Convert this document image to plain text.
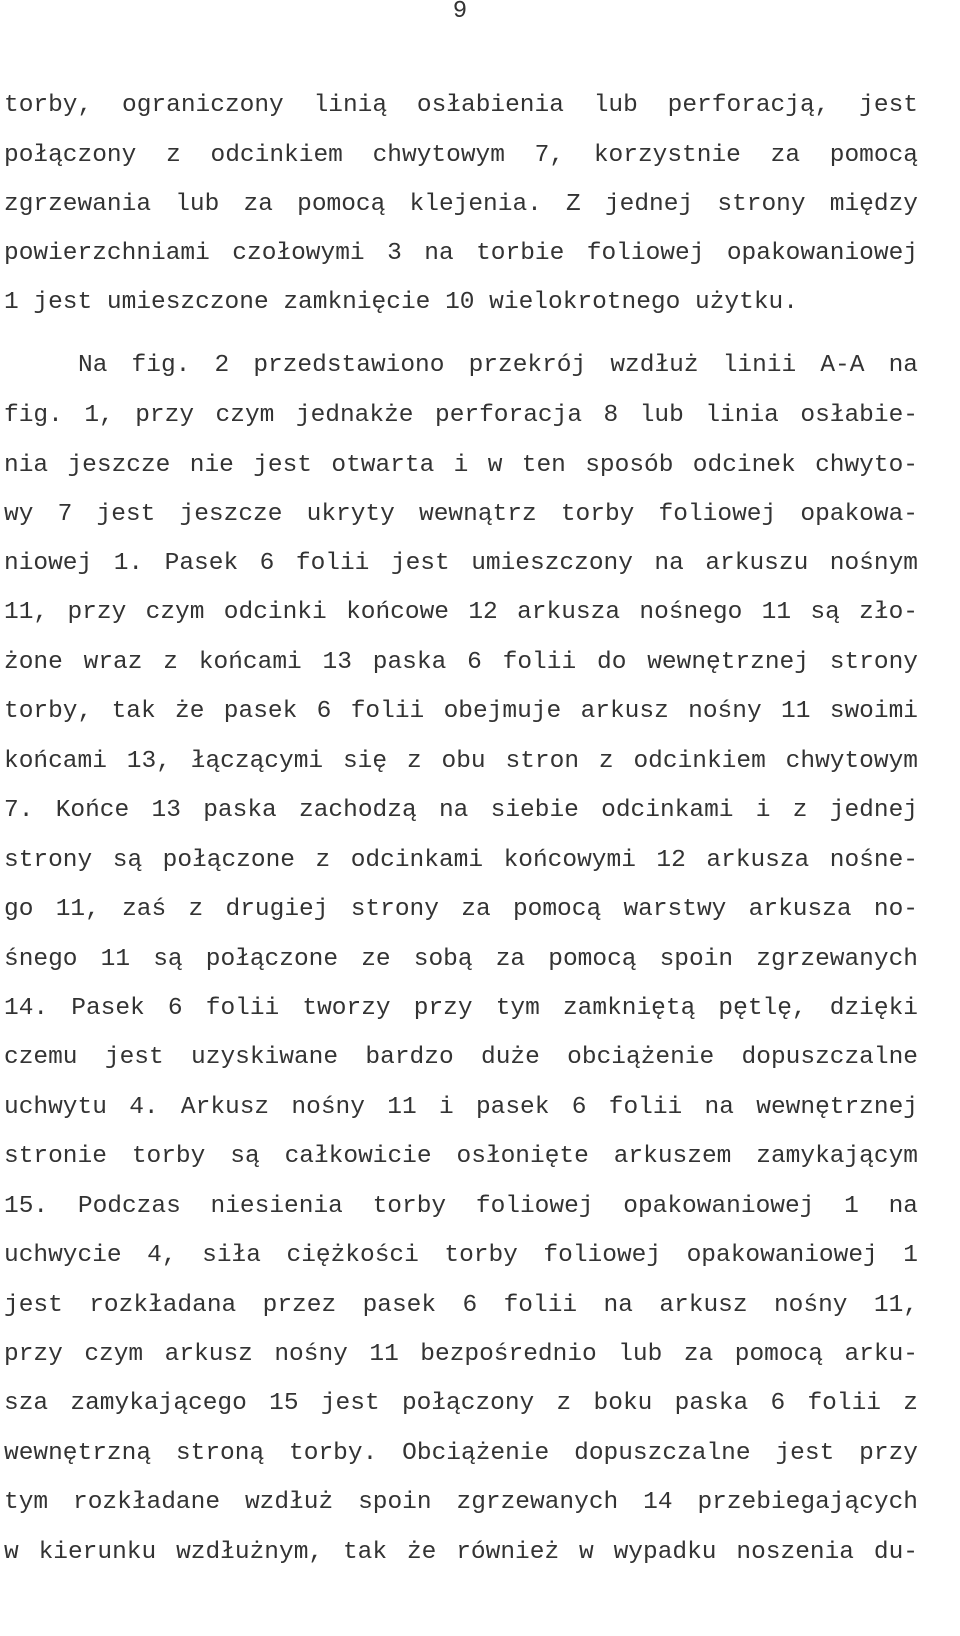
9
torby, ograniczony linią osłabienia lub perforacją, jest
połączony z odcinkiem chwytowym 7, korzystnie za pomocą
zgrzewania lub za pomocą klejenia. Z jednej strony między
powierzchniami czołowymi 3 na torbie foliowej opakowaniowej
1 jest umieszczone zamknięcie 10 wielokrotnego użytku.
Na fig. 2 przedstawiono przekrój wzdłuż linii A-A na
fig. 1, przy czym jednakże perforacja 8 lub linia osłabie-
nia jeszcze nie jest otwarta i w ten sposób odcinek chwyto-
wy 7 jest jeszcze ukryty wewnątrz torby foliowej opakowa-
niowej 1. Pasek 6 folii jest umieszczony na arkuszu nośnym
11, przy czym odcinki końcowe 12 arkusza nośnego 11 są zło-
żone wraz z końcami 13 paska 6 folii do wewnętrznej strony
torby, tak że pasek 6 folii obejmuje arkusz nośny 11 swoimi
końcami 13, łączącymi się z obu stron z odcinkiem chwytowym
7. Końce 13 paska zachodzą na siebie odcinkami i z jednej
strony są połączone z odcinkami końcowymi 12 arkusza nośne-
go 11, zaś z drugiej strony za pomocą warstwy arkusza no-
śnego 11 są połączone ze sobą za pomocą spoin zgrzewanych
14. Pasek 6 folii tworzy przy tym zamkniętą pętlę, dzięki
czemu jest uzyskiwane bardzo duże obciążenie dopuszczalne
uchwytu 4. Arkusz nośny 11 i pasek 6 folii na wewnętrznej
stronie torby są całkowicie osłonięte arkuszem zamykającym
15. Podczas niesienia torby foliowej opakowaniowej 1 na
uchwycie 4, siła ciężkości torby foliowej opakowaniowej 1
jest rozkładana przez pasek 6 folii na arkusz nośny 11,
przy czym arkusz nośny 11 bezpośrednio lub za pomocą arku-
sza zamykającego 15 jest połączony z boku paska 6 folii z
wewnętrzną stroną torby. Obciążenie dopuszczalne jest przy
tym rozkładane wzdłuż spoin zgrzewanych 14 przebiegających
w kierunku wzdłużnym, tak że również w wypadku noszenia du-
